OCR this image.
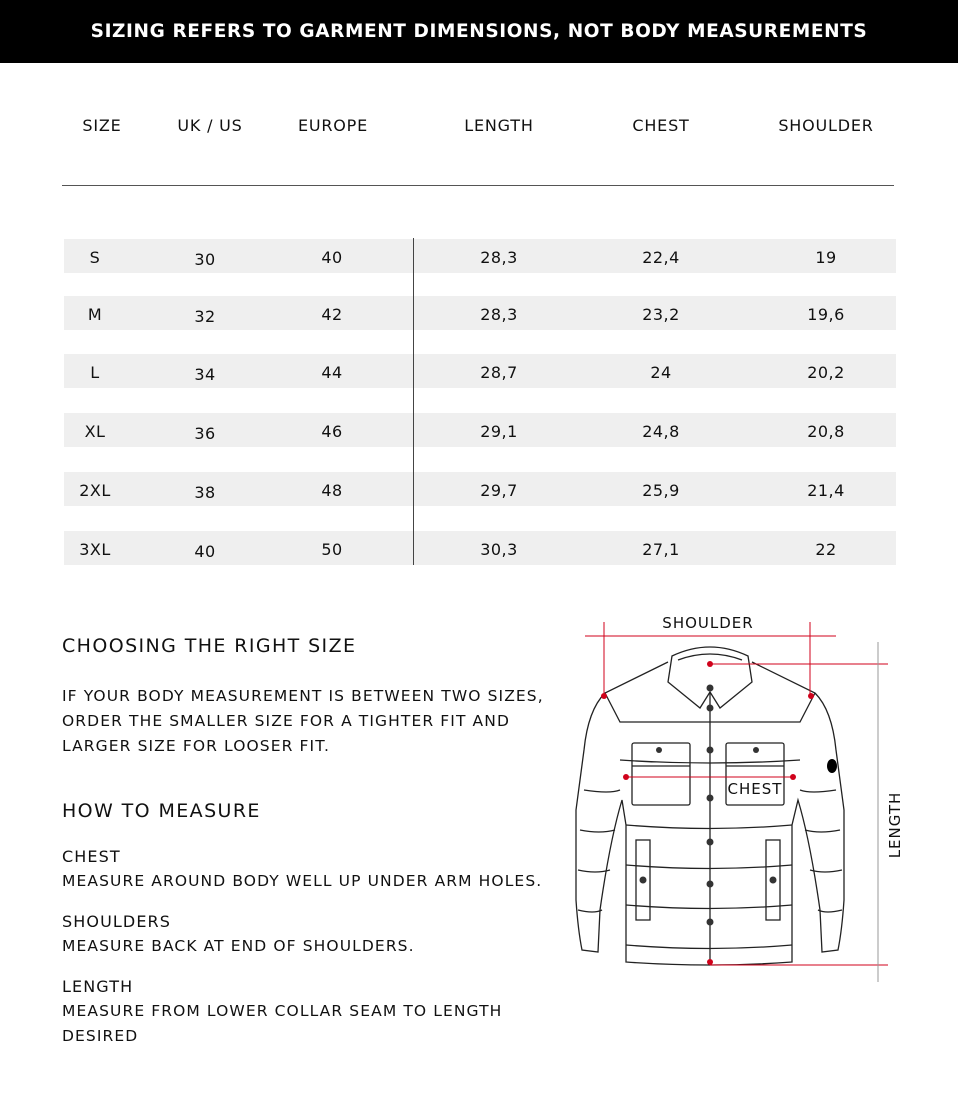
SIZING REFERS TO GARMENT DIMENSIONS, NOT BODY MEASUREMENTS
SIZE	UK / US	EUROPE	LENGTH	CHEST	SHOULDER
S	30	40	28,3	22,4	19
M	32	42	28,3	23,2	19,6
L	34	44	28,7	24	20,2
XL	36	46	29,1	24,8	20,8
2XL	38	48	29,7	25,9	21,4
3XL	40	50	30,3	27,1	22
CHOOSING THE RIGHT SIZE
IF YOUR BODY MEASUREMENT IS BETWEEN TWO SIZES,
ORDER THE SMALLER SIZE FOR A TIGHTER FIT AND
LARGER SIZE FOR LOOSER FIT.
HOW TO MEASURE
CHEST
MEASURE AROUND BODY WELL UP UNDER ARM HOLES.
SHOULDERS
MEASURE BACK AT END OF SHOULDERS.
LENGTH
MEASURE FROM LOWER COLLAR SEAM TO LENGTH
DESIRED
SHOULDER
CHEST
LENGTH
